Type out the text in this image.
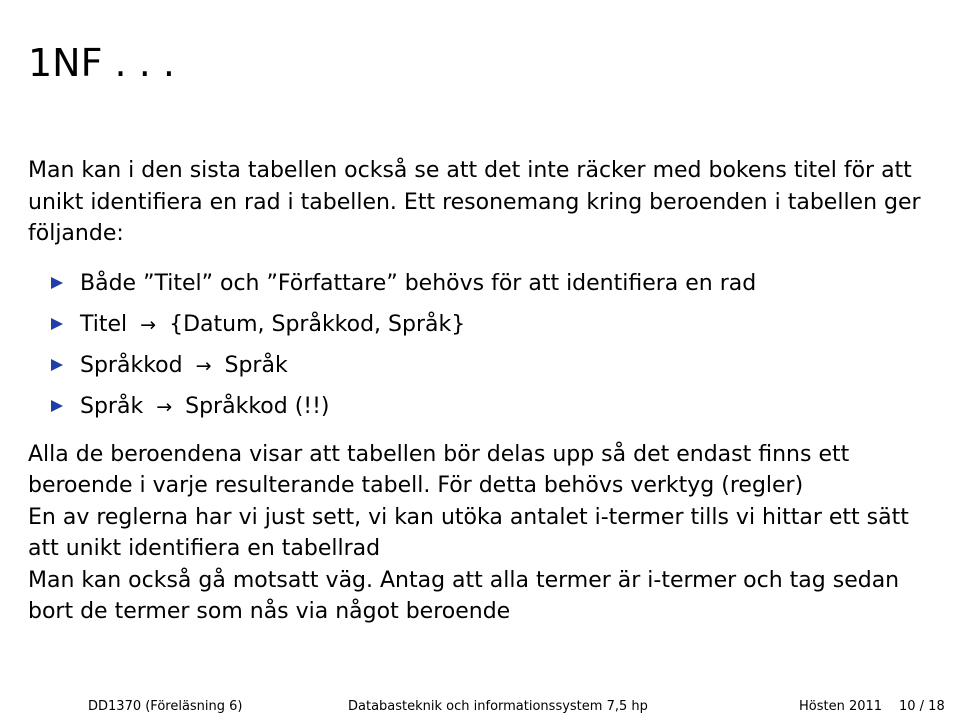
1NF . . .

Man kan i den sista tabellen också se att det inte räcker med bokens titel för att unikt identifiera en rad i tabellen. Ett resonemang kring beroenden i tabellen ger följande:

Både ”Titel” och ”Författare” behövs för att identifiera en rad
Titel → {Datum, Språkkod, Språk}
Språkkod → Språk
Språk → Språkkod (!!)

Alla de beroendena visar att tabellen bör delas upp så det endast finns ett beroende i varje resulterande tabell. För detta behövs verktyg (regler)

En av reglerna har vi just sett, vi kan utöka antalet i-termer tills vi hittar ett sätt att unikt identifiera en tabellrad

Man kan också gå motsatt väg. Antag att alla termer är i-termer och tag sedan bort de termer som nås via något beroende

DD1370 (Föreläsning 6)	Databasteknik och informationssystem 7,5 hp	Hösten 2011 10 / 18
